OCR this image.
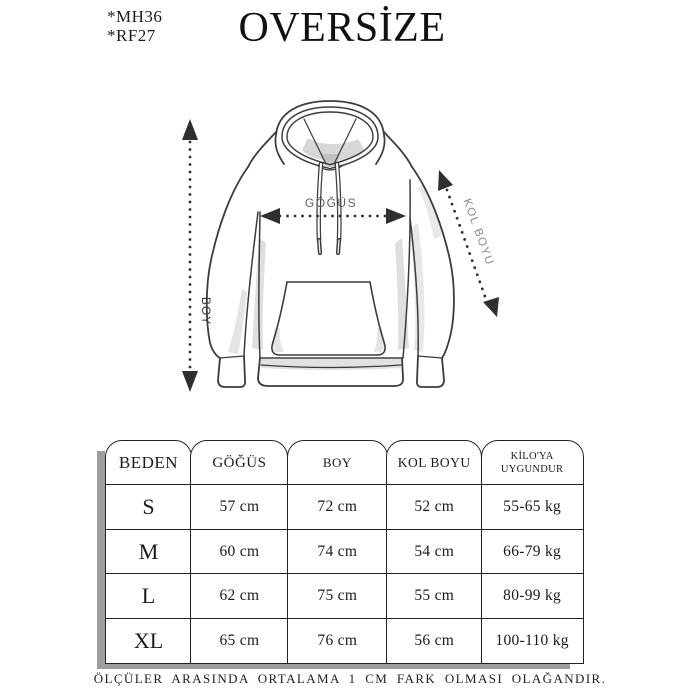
*MH36
*RF27	OVERSİZE
BOY
GÖĞÜS	KOL BOYU
BEDEN	GÖĞÜS	BOY	KOL BOYU	KİLO'YA UYGUNDUR
S	57 cm	72 cm	52 cm	55-65 kg
M	60 cm	74 cm	54 cm	66-79 kg
L	62 cm	75 cm	55 cm	80-99 kg
XL	65 cm	76 cm	56 cm	100-110 kg
ÖLÇÜLER ARASINDA ORTALAMA 1 CM FARK OLMASI OLAĞANDIR.
